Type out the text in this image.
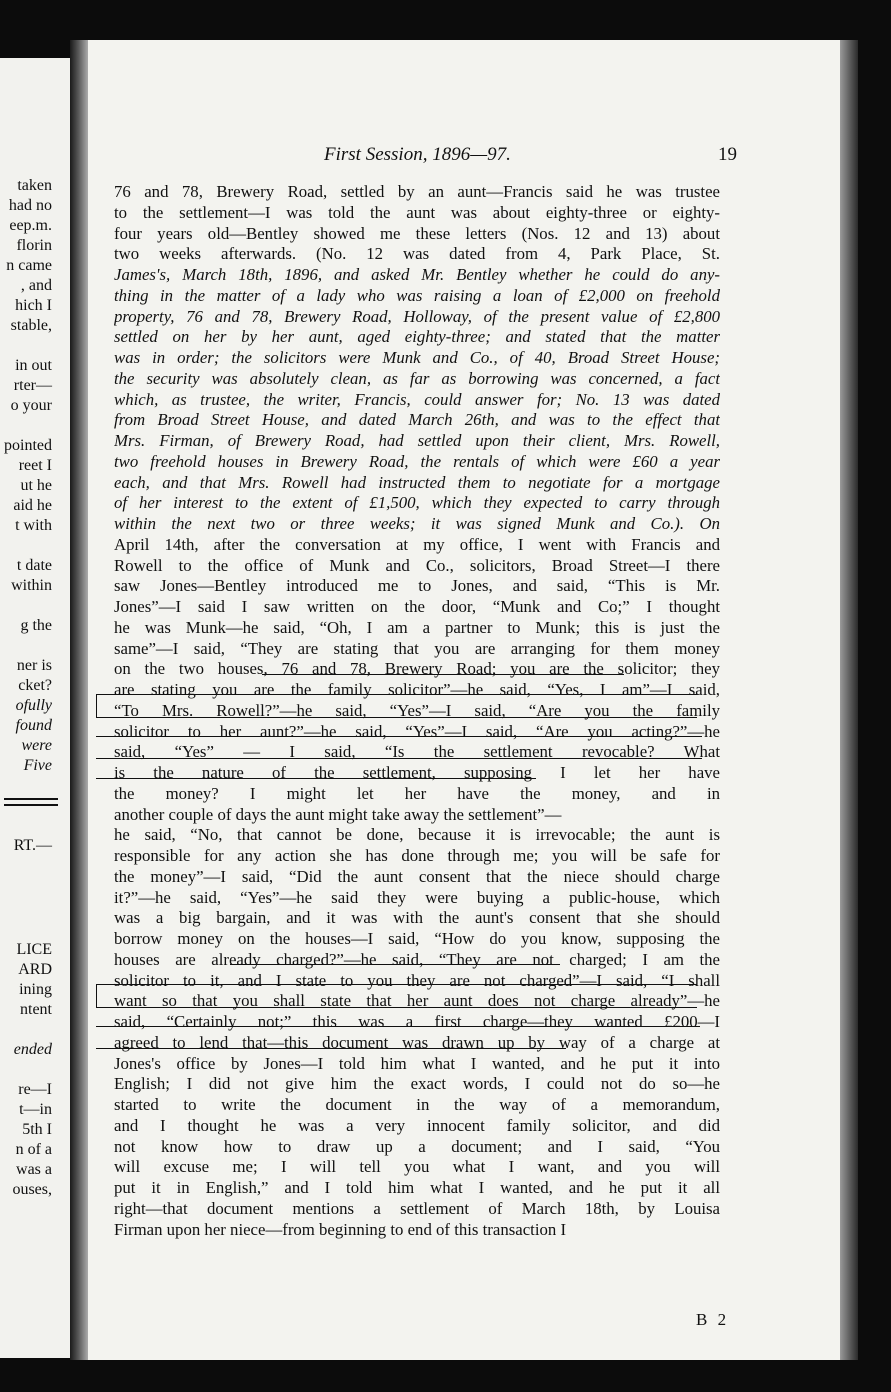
taken
had no
eep.m.
florin
n came
, and
hich I
stable,
in out
rter—
o your
pointed
reet I
ut he
aid he
t with
t date
within
g the
ner is
cket?
ofully
found
were
Five
RT.—
LICE
ARD
ining
ntent
ended
re—I
t—in
5th I
n of a
was a
ouses,
First Session, 1896—97.	19
76 and 78, Brewery Road, settled by an aunt—Francis said he was trustee
to the settlement—I was told the aunt was about eighty-three or eighty-
four years old—Bentley showed me these letters (Nos. 12 and 13) about
two weeks afterwards. (No. 12 was dated from 4, Park Place, St.
James's, March 18th, 1896, and asked Mr. Bentley whether he could do any-
thing in the matter of a lady who was raising a loan of £2,000 on freehold
property, 76 and 78, Brewery Road, Holloway, of the present value of £2,800
settled on her by her aunt, aged eighty-three; and stated that the matter
was in order; the solicitors were Munk and Co., of 40, Broad Street House;
the security was absolutely clean, as far as borrowing was concerned, a fact
which, as trustee, the writer, Francis, could answer for; No. 13 was dated
from Broad Street House, and dated March 26th, and was to the effect that
Mrs. Firman, of Brewery Road, had settled upon their client, Mrs. Rowell,
two freehold houses in Brewery Road, the rentals of which were £60 a year
each, and that Mrs. Rowell had instructed them to negotiate for a mortgage
of her interest to the extent of £1,500, which they expected to carry through
within the next two or three weeks; it was signed Munk and Co.). On
April 14th, after the conversation at my office, I went with Francis and
Rowell to the office of Munk and Co., solicitors, Broad Street—I there
saw Jones—Bentley introduced me to Jones, and said, “This is Mr.
Jones”—I said I saw written on the door, “Munk and Co;” I thought
he was Munk—he said, “Oh, I am a partner to Munk; this is just the
same”—I said, “They are stating that you are arranging for them money
on the two houses, 76 and 78, Brewery Road; you are the solicitor; they
are stating you are the family solicitor”—he said, “Yes, I am”—I said,
“To Mrs. Rowell?”—he said, “Yes”—I said, “Are you the family
solicitor to her aunt?”—he said, “Yes”—I said, “Are you acting?”—he
said, “Yes” — I said, “Is the settlement revocable? What
is the nature of the settlement, supposing I let her have
the money? I might let her have the money, and in
another couple of days the aunt might take away the settlement”—
he said, “No, that cannot be done, because it is irrevocable; the aunt is
responsible for any action she has done through me; you will be safe for
the money”—I said, “Did the aunt consent that the niece should charge
it?”—he said, “Yes”—he said they were buying a public-house, which
was a big bargain, and it was with the aunt's consent that she should
borrow money on the houses—I said, “How do you know, supposing the
houses are already charged?”—he said, “They are not charged; I am the
solicitor to it, and I state to you they are not charged”—I said, “I shall
want so that you shall state that her aunt does not charge already”—he
said, “Certainly not;” this was a first charge—they wanted £200—I
agreed to lend that—this document was drawn up by way of a charge at
Jones's office by Jones—I told him what I wanted, and he put it into
English; I did not give him the exact words, I could not do so—he
started to write the document in the way of a memorandum,
and I thought he was a very innocent family solicitor, and did
not know how to draw up a document; and I said, “You
will excuse me; I will tell you what I want, and you will
put it in English,” and I told him what I wanted, and he put it all
right—that document mentions a settlement of March 18th, by Louisa
Firman upon her niece—from beginning to end of this transaction I
B 2
